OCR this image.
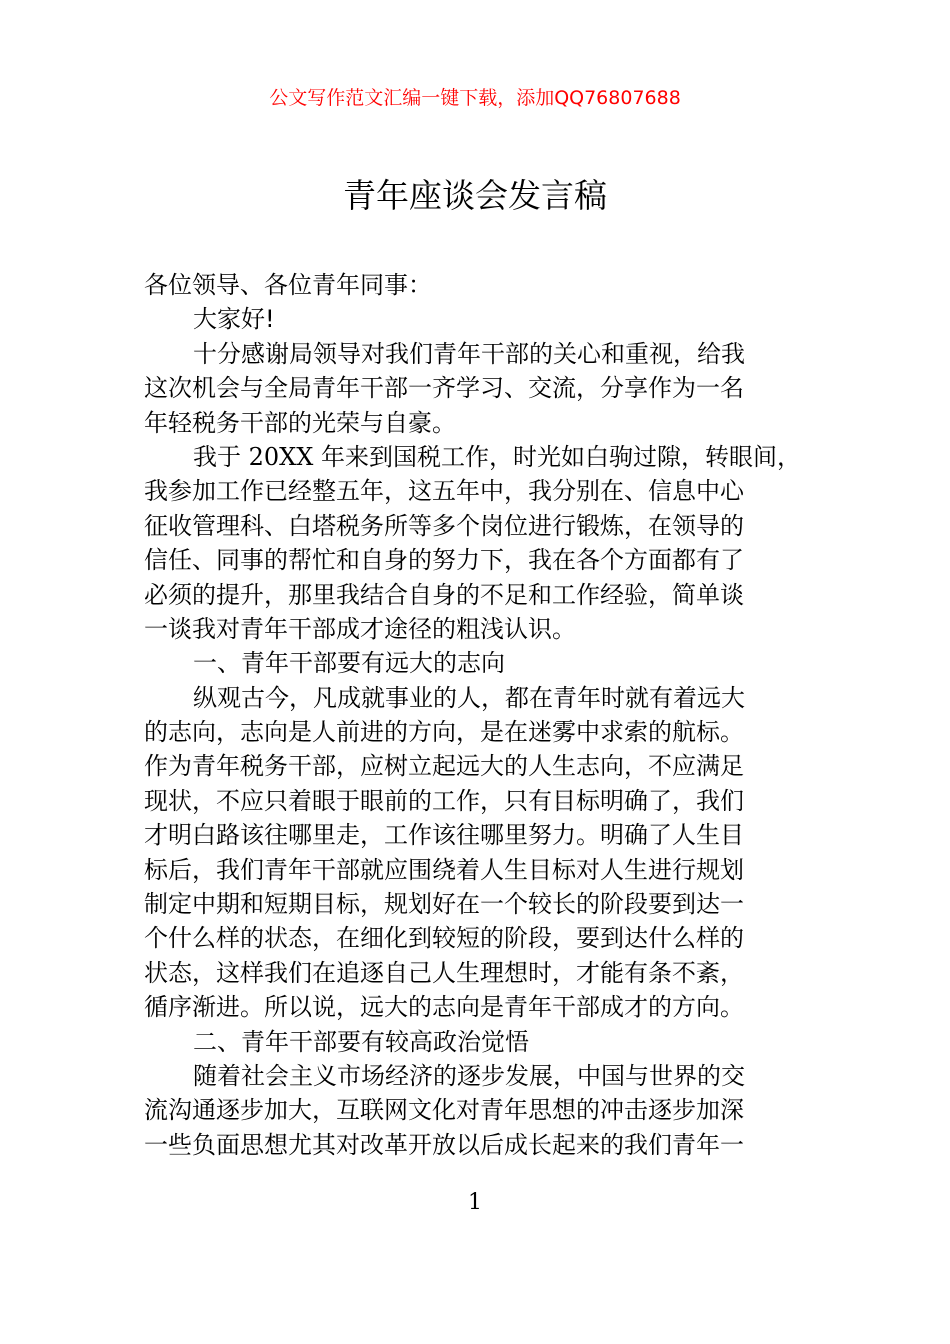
公文写作范文汇编一键下载，添加QQ76807688
青年座谈会发言稿
各位领导、各位青年同事：
大家好!
十分感谢局领导对我们青年干部的关心和重视，给我
这次机会与全局青年干部一齐学习、交流，分享作为一名
年轻税务干部的光荣与自豪。
我于 20XX 年来到国税工作，时光如白驹过隙，转眼间，
我参加工作已经整五年，这五年中，我分别在、信息中心
征收管理科、白塔税务所等多个岗位进行锻炼，在领导的
信任、同事的帮忙和自身的努力下，我在各个方面都有了
必须的提升，那里我结合自身的不足和工作经验，简单谈
一谈我对青年干部成才途径的粗浅认识。
一、青年干部要有远大的志向
纵观古今，凡成就事业的人，都在青年时就有着远大
的志向，志向是人前进的方向，是在迷雾中求索的航标。
作为青年税务干部，应树立起远大的人生志向，不应满足
现状，不应只着眼于眼前的工作，只有目标明确了，我们
才明白路该往哪里走，工作该往哪里努力。明确了人生目
标后，我们青年干部就应围绕着人生目标对人生进行规划
制定中期和短期目标，规划好在一个较长的阶段要到达一
个什么样的状态，在细化到较短的阶段，要到达什么样的
状态，这样我们在追逐自己人生理想时，才能有条不紊，
循序渐进。所以说，远大的志向是青年干部成才的方向。
二、青年干部要有较高政治觉悟
随着社会主义市场经济的逐步发展，中国与世界的交
流沟通逐步加大，互联网文化对青年思想的冲击逐步加深
一些负面思想尤其对改革开放以后成长起来的我们青年一
1
